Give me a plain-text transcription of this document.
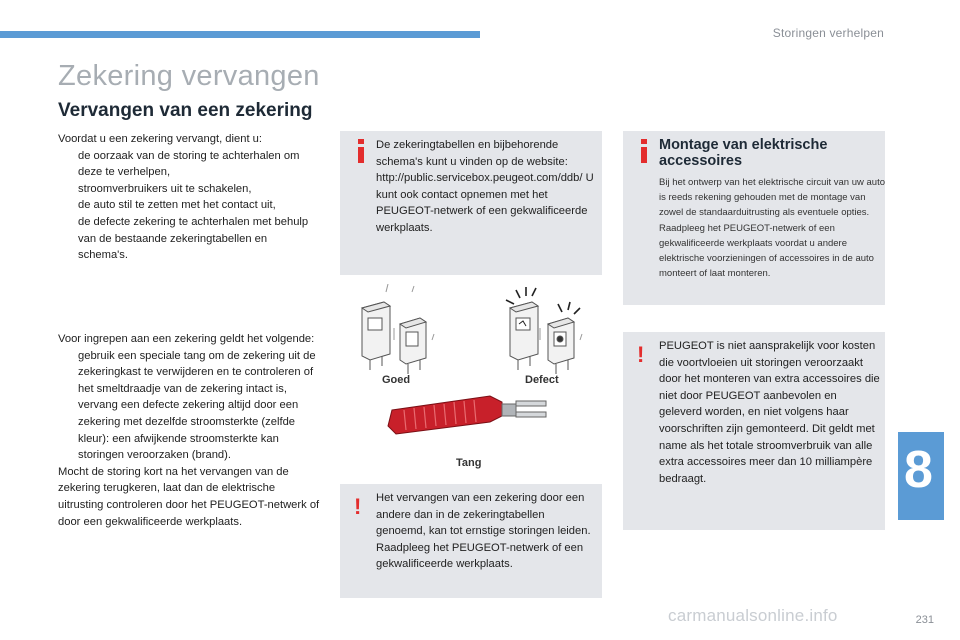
Storingen verhelpen
Zekering vervangen
Vervangen van een zekering
Voordat u een zekering vervangt, dient u:
de oorzaak van de storing te achterhalen om deze te verhelpen,
stroomverbruikers uit te schakelen,
de auto stil te zetten met het contact uit,
de defecte zekering te achterhalen met behulp van de bestaande zekeringtabellen en schema's.
Voor ingrepen aan een zekering geldt het volgende:
gebruik een speciale tang om de zekering uit de zekeringkast te verwijderen en te controleren of het smeltdraadje van de zekering intact is,
vervang een defecte zekering altijd door een zekering met dezelfde stroomsterkte (zelfde kleur): een afwijkende stroomsterkte kan storingen veroorzaken (brand).
Mocht de storing kort na het vervangen van de zekering terugkeren, laat dan de elektrische uitrusting controleren door het PEUGEOT-netwerk of door een gekwalificeerde werkplaats.
De zekeringtabellen en bijbehorende schema's kunt u vinden op de website: http://public.servicebox.peugeot.com/ddb/ U kunt ook contact opnemen met het PEUGEOT-netwerk of een gekwalificeerde werkplaats.
Goed	Defect
Tang
! Het vervangen van een zekering door een andere dan in de zekeringtabellen genoemd, kan tot ernstige storingen leiden. Raadpleeg het PEUGEOT-netwerk of een gekwalificeerde werkplaats.
Montage van elektrische accessoires
Bij het ontwerp van het elektrische circuit van uw auto is reeds rekening gehouden met de montage van zowel de standaarduitrusting als eventuele opties. Raadpleeg het PEUGEOT-netwerk of een gekwalificeerde werkplaats voordat u andere elektrische voorzieningen of accessoires in de auto monteert of laat monteren.
! PEUGEOT is niet aansprakelijk voor kosten die voortvloeien uit storingen veroorzaakt door het monteren van extra accessoires die niet door PEUGEOT aanbevolen en geleverd worden, en niet volgens haar voorschriften zijn gemonteerd. Dit geldt met name als het totale stroomverbruik van alle extra accessoires meer dan 10 milliampère bedraagt.	8
carmanualsonline.info	231
